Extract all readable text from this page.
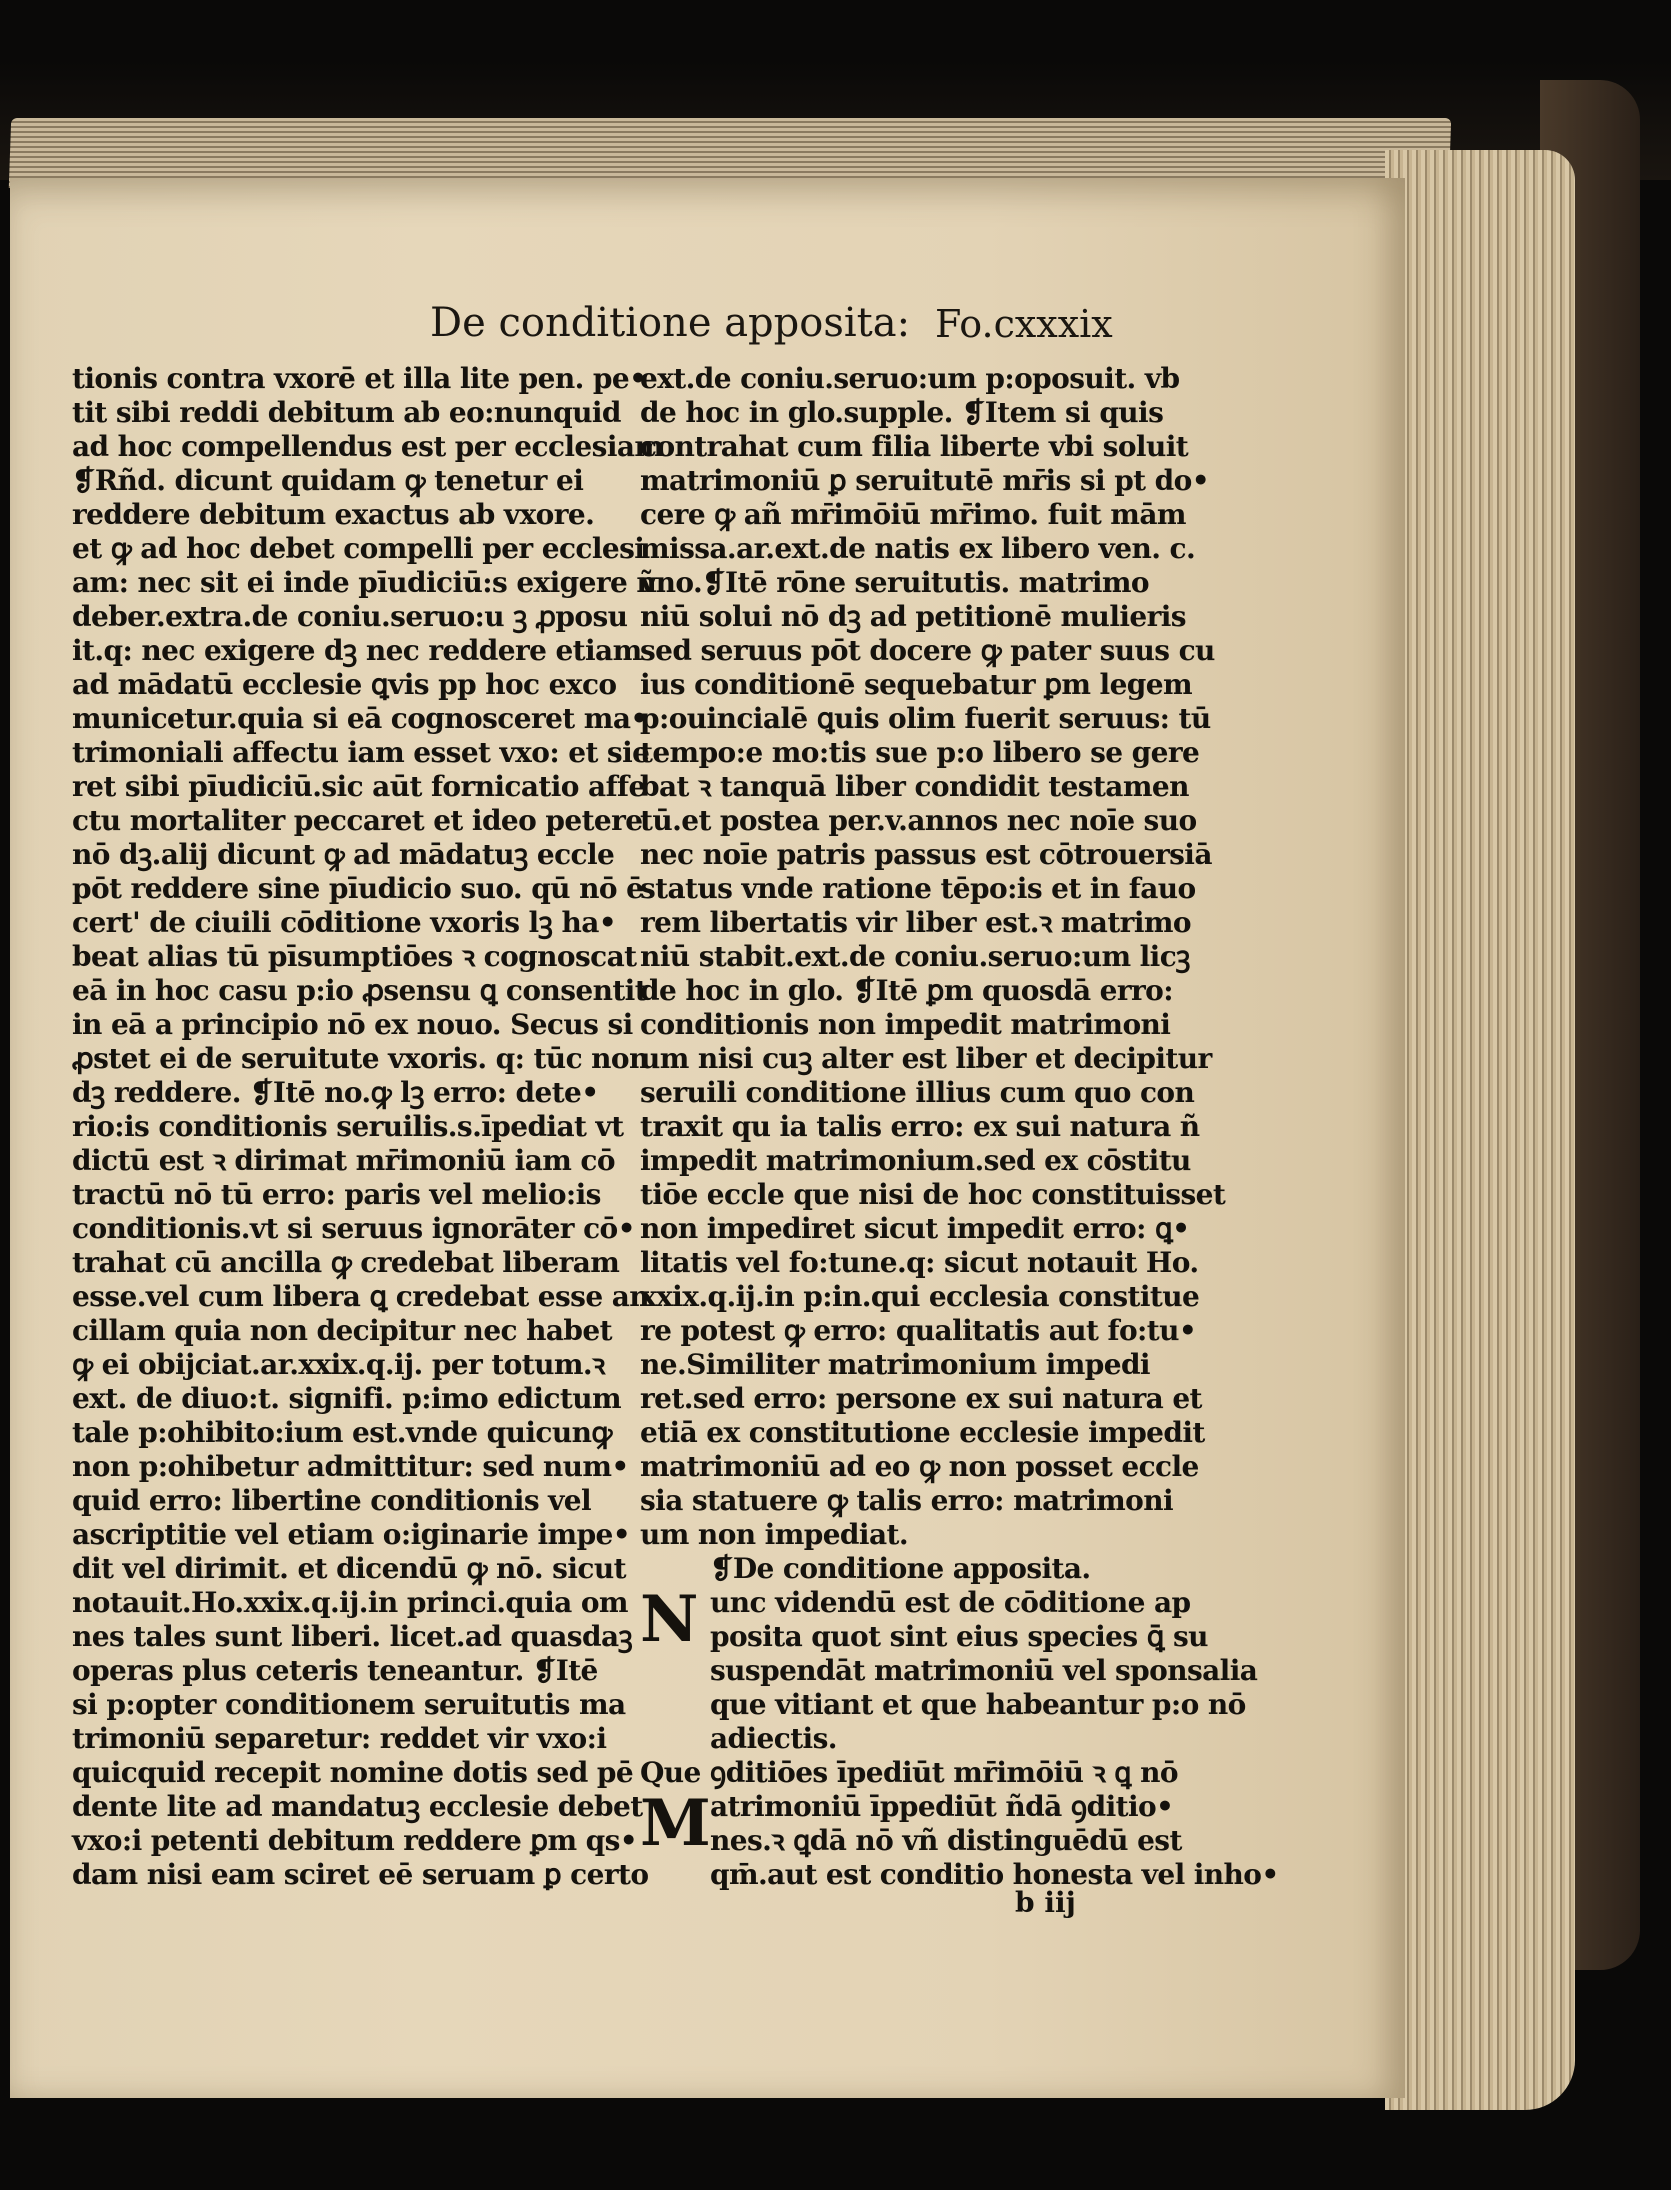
De conditione apposita: Fo.cxxxix
tionis contra vxorē et illa lite pen. pe•
tit sibi reddi debitum ab eo:nunquid
ad hoc compellendus est per ecclesiam
❡Rñd. dicunt quidam ꝙ tenetur ei
reddere debitum exactus ab vxore.
et ꝙ ad hoc debet compelli per ecclesi
am: nec sit ei inde pīudiciū:s exigere ñ
deber.extra.de coniu.seruo:u ꝫ ꝓposu
it.q: nec exigere dꝫ nec reddere etiam
ad mādatū ecclesie ꝗvis pp hoc exco
municetur.quia si eā cognosceret ma•
trimoniali affectu iam esset vxo: et sie
ret sibi pīudiciū.sic aūt fornicatio affe
ctu mortaliter peccaret et ideo petere
nō dꝫ.alij dicunt ꝙ ad mādatuꝫ eccle
pōt reddere sine pīudicio suo. qū nō ē
cert' de ciuili cōditione vxoris lꝫ ha•
beat alias tū pīsumptiōes ꝛ cognoscat
eā in hoc casu p:io ꝓsensu ꝗ consentit
in eā a principio nō ex nouo. Secus si
ꝓstet ei de seruitute vxoris. q: tūc non
dꝫ reddere. ❡Itē no.ꝙ lꝫ erro: dete•
rio:is conditionis seruilis.s.īpediat vt
dictū est ꝛ dirimat mr̄imoniū iam cō
tractū nō tū erro: paris vel melio:is
conditionis.vt si seruus ignorāter cō•
trahat cū ancilla ꝙ credebat liberam
esse.vel cum libera ꝗ credebat esse an
cillam quia non decipitur nec habet
ꝙ ei obijciat.ar.xxix.q.ij. per totum.ꝛ
ext. de diuo:t. signifi. p:imo edictum
tale p:ohibito:ium est.vnde quicunꝙ
non p:ohibetur admittitur: sed num•
quid erro: libertine conditionis vel
ascriptitie vel etiam o:iginarie impe•
dit vel dirimit. et dicendū ꝙ nō. sicut
notauit.Ho.xxix.q.ij.in princi.quia om
nes tales sunt liberi. licet.ad quasdaꝫ
operas plus ceteris teneantur. ❡Itē
si p:opter conditionem seruitutis ma
trimoniū separetur: reddet vir vxo:i
quicquid recepit nomine dotis sed pē
dente lite ad mandatuꝫ ecclesie debet
vxo:i petenti debitum reddere ꝑm qs•
dam nisi eam sciret eē seruam ꝑ certo
ext.de coniu.seruo:um p:oposuit. vb
de hoc in glo.supple. ❡Item si quis
contrahat cum filia liberte vbi soluit
matrimoniū ꝑ seruitutē mr̄is si pt do•
cere ꝙ añ mr̄imōiū mr̄imo. fuit mām
missa.ar.ext.de natis ex libero ven. c.
vno.❡Itē rōne seruitutis. matrimo
niū solui nō dꝫ ad petitionē mulieris
sed seruus pōt docere ꝙ pater suus cu
ius conditionē sequebatur ꝑm legem
p:ouincialē ꝗuis olim fuerit seruus: tū
tempo:e mo:tis sue p:o libero se gere
bat ꝛ tanquā liber condidit testamen
tū.et postea per.v.annos nec noīe suo
nec noīe patris passus est cōtrouersiā
status vnde ratione tēpo:is et in fauo
rem libertatis vir liber est.ꝛ matrimo
niū stabit.ext.de coniu.seruo:um licꝫ
de hoc in glo. ❡Itē ꝑm quosdā erro:
conditionis non impedit matrimoni
um nisi cuꝫ alter est liber et decipitur
seruili conditione illius cum quo con
traxit qu ia talis erro: ex sui natura ñ
impedit matrimonium.sed ex cōstitu
tiōe eccle que nisi de hoc constituisset
non impediret sicut impedit erro: ꝗ•
litatis vel fo:tune.q: sicut notauit Ho.
xxix.q.ij.in p:in.qui ecclesia constitue
re potest ꝙ erro: qualitatis aut fo:tu•
ne.Similiter matrimonium impedi
ret.sed erro: persone ex sui natura et
etiā ex constitutione ecclesie impedit
matrimoniū ad eo ꝙ non posset eccle
sia statuere ꝙ talis erro: matrimoni
um non impediat.
❡De conditione apposita.
N unc videndū est de cōditione ap
posita quot sint eius species ꝗ̄ su
suspendāt matrimoniū vel sponsalia
que vitiant et que habeantur p:o nō
adiectis.
Que ꝯditiōes īpediūt mr̄imōiū ꝛ ꝗ nō
M atrimoniū īppediūt ñdā ꝯditio•
nes.ꝛ ꝗdā nō vñ distinguēdū est
qm̄.aut est conditio honesta vel inho•
b iij
